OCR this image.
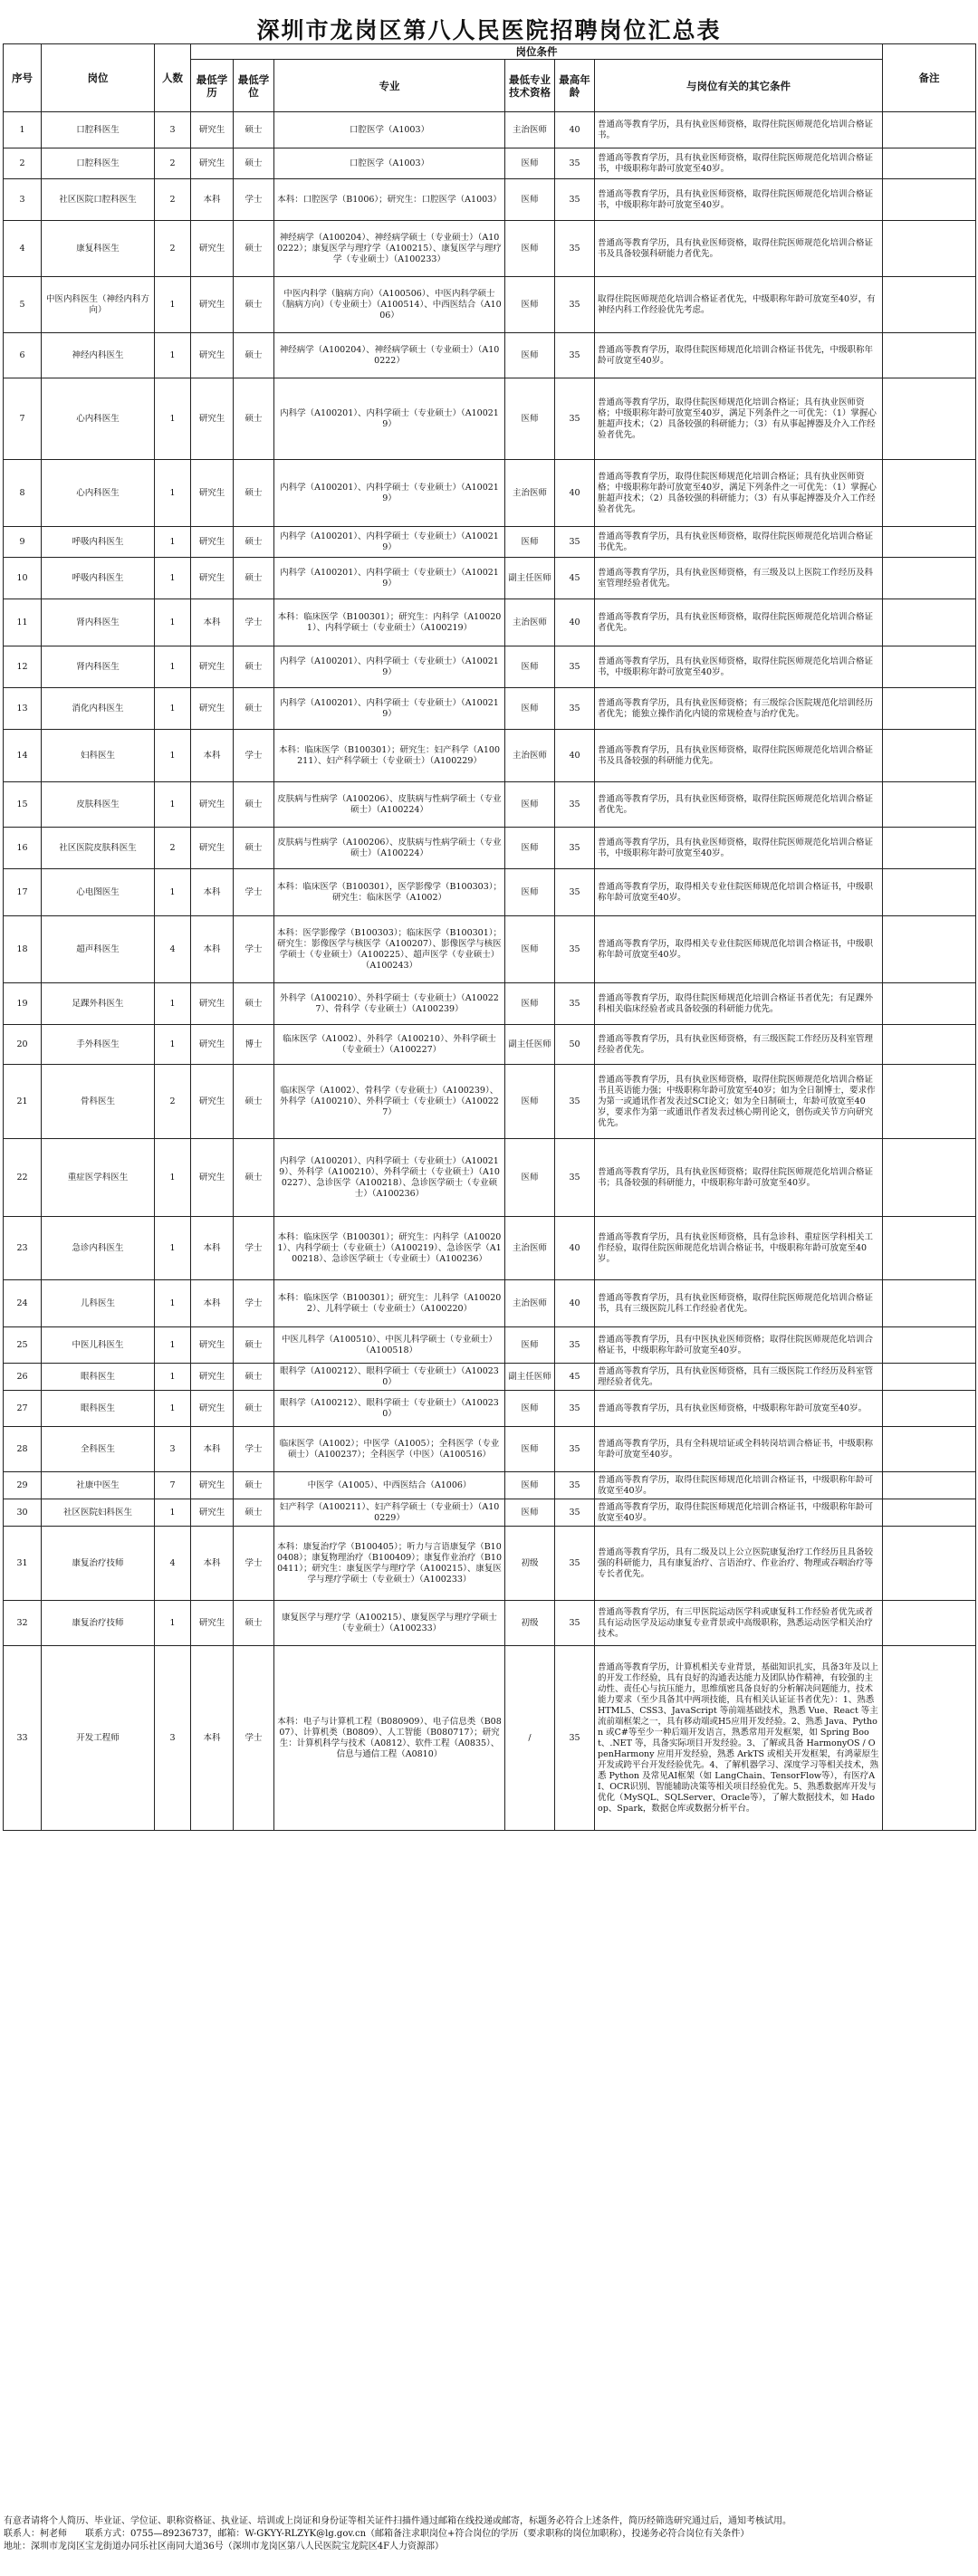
深圳市龙岗区第八人民医院招聘岗位汇总表
序号	岗位	人数	岗位条件						备注
			最低学历	最低学位	专业	最低专业技术资格	最高年龄	与岗位有关的其它条件	

1	口腔科医生	3	研究生	硕士	口腔医学（A1003）	主治医师	40	普通高等教育学历，具有执业医师资格，取得住院医师规范化培训合格证书。	

2	口腔科医生	2	研究生	硕士	口腔医学（A1003）	医师	35	普通高等教育学历，具有执业医师资格，取得住院医师规范化培训合格证书，中级职称年龄可放宽至40岁。	

3	社区医院口腔科医生	2	本科	学士	本科：口腔医学（B1006）；研究生：口腔医学（A1003）	医师	35	普通高等教育学历，具有执业医师资格，取得住院医师规范化培训合格证书，中级职称年龄可放宽至40岁。	

4	康复科医生	2	研究生	硕士	神经病学（A100204）、神经病学硕士（专业硕士）（A100222）；康复医学与理疗学（A100215）、康复医学与理疗学（专业硕士）（A100233）	医师	35	普通高等教育学历，具有执业医师资格，取得住院医师规范化培训合格证书及具备较强科研能力者优先。	

5	中医内科医生（神经内科方向）	1	研究生	硕士	中医内科学（脑病方向）（A100506）、中医内科学硕士（脑病方向）（专业硕士）（A100514）、中西医结合（A1006）	医师	35	取得住院医师规范化培训合格证者优先，中级职称年龄可放宽至40岁，有神经内科工作经验优先考虑。	

6	神经内科医生	1	研究生	硕士	神经病学（A100204）、神经病学硕士（专业硕士）（A100222）	医师	35	普通高等教育学历，取得住院医师规范化培训合格证书优先，中级职称年龄可放宽至40岁。	

7	心内科医生	1	研究生	硕士	内科学（A100201）、内科学硕士（专业硕士）（A100219）	医师	35	普通高等教育学历，取得住院医师规范化培训合格证；具有执业医师资格；中级职称年龄可放宽至40岁，满足下列条件之一可优先：（1）掌握心脏超声技术；（2）具备较强的科研能力；（3）有从事起搏器及介入工作经验者优先。	

8	心内科医生	1	研究生	硕士	内科学（A100201）、内科学硕士（专业硕士）（A100219）	主治医师	40	普通高等教育学历，取得住院医师规范化培训合格证；具有执业医师资格；中级职称年龄可放宽至40岁，满足下列条件之一可优先：（1）掌握心脏超声技术；（2）具备较强的科研能力；（3）有从事起搏器及介入工作经验者优先。	

9	呼吸内科医生	1	研究生	硕士	内科学（A100201）、内科学硕士（专业硕士）（A100219）	医师	35	普通高等教育学历，具有执业医师资格，取得住院医师规范化培训合格证书优先。	

10	呼吸内科医生	1	研究生	硕士	内科学（A100201）、内科学硕士（专业硕士）（A100219）	副主任医师	45	普通高等教育学历，具有执业医师资格，有三级及以上医院工作经历及科室管理经验者优先。	

11	肾内科医生	1	本科	学士	本科：临床医学（B100301）；研究生：内科学（A100201）、内科学硕士（专业硕士）（A100219）	主治医师	40	普通高等教育学历，具有执业医师资格，取得住院医师规范化培训合格证者优先。	

12	肾内科医生	1	研究生	硕士	内科学（A100201）、内科学硕士（专业硕士）（A100219）	医师	35	普通高等教育学历，具有执业医师资格，取得住院医师规范化培训合格证书，中级职称年龄可放宽至40岁。	

13	消化内科医生	1	研究生	硕士	内科学（A100201）、内科学硕士（专业硕士）（A100219）	医师	35	普通高等教育学历，具有执业医师资格；有三级综合医院规范化培训经历者优先；能独立操作消化内镜的常规检查与治疗优先。	

14	妇科医生	1	本科	学士	本科：临床医学（B100301）；研究生：妇产科学（A100211）、妇产科学硕士（专业硕士）（A100229）	主治医师	40	普通高等教育学历，具有执业医师资格，取得住院医师规范化培训合格证书及具备较强的科研能力优先。	

15	皮肤科医生	1	研究生	硕士	皮肤病与性病学（A100206）、皮肤病与性病学硕士（专业硕士）（A100224）	医师	35	普通高等教育学历，具有执业医师资格，取得住院医师规范化培训合格证者优先。	

16	社区医院皮肤科医生	2	研究生	硕士	皮肤病与性病学（A100206）、皮肤病与性病学硕士（专业硕士）（A100224）	医师	35	普通高等教育学历，具有执业医师资格，取得住院医师规范化培训合格证书，中级职称年龄可放宽至40岁。	

17	心电图医生	1	本科	学士	本科：临床医学（B100301），医学影像学（B100303）；研究生：临床医学（A1002）	医师	35	普通高等教育学历，取得相关专业住院医师规范化培训合格证书，中级职称年龄可放宽至40岁。	

18	超声科医生	4	本科	学士	本科：医学影像学（B100303）；临床医学（B100301）；研究生：影像医学与核医学（A100207）、影像医学与核医学硕士（专业硕士）（A100225）、超声医学（专业硕士）（A100243）	医师	35	普通高等教育学历，取得相关专业住院医师规范化培训合格证书，中级职称年龄可放宽至40岁。	

19	足踝外科医生	1	研究生	硕士	外科学（A100210）、外科学硕士（专业硕士）（A100227）、骨科学（专业硕士）（A100239）	医师	35	普通高等教育学历，取得住院医师规范化培训合格证书者优先；有足踝外科相关临床经验者或具备较强的科研能力优先。	

20	手外科医生	1	研究生	博士	临床医学（A1002）、外科学（A100210）、外科学硕士（专业硕士）（A100227）	副主任医师	50	普通高等教育学历，具有执业医师资格，有三级医院工作经历及科室管理经验者优先。	

21	骨科医生	2	研究生	硕士	临床医学（A1002）、骨科学（专业硕士）（A100239）、外科学（A100210）、外科学硕士（专业硕士）（A100227）	医师	35	普通高等教育学历，具有执业医师资格，取得住院医师规范化培训合格证书且英语能力强；中级职称年龄可放宽至40岁；如为全日制博士，要求作为第一或通讯作者发表过SCI论文；如为全日制硕士，年龄可放宽至40岁，要求作为第一或通讯作者发表过核心期刊论文，创伤或关节方向研究优先。	

22	重症医学科医生	1	研究生	硕士	内科学（A100201）、内科学硕士（专业硕士）（A100219）、外科学（A100210）、外科学硕士（专业硕士）（A100227）、急诊医学（A100218）、急诊医学硕士（专业硕士）（A100236）	医师	35	普通高等教育学历，具有执业医师资格；取得住院医师规范化培训合格证书；具备较强的科研能力，中级职称年龄可放宽至40岁。	

23	急诊内科医生	1	本科	学士	本科：临床医学（B100301）；研究生：内科学（A100201）、内科学硕士（专业硕士）（A100219）、急诊医学（A100218）、急诊医学硕士（专业硕士）（A100236）	主治医师	40	普通高等教育学历，具有执业医师资格，具有急诊科、重症医学科相关工作经验，取得住院医师规范化培训合格证书，中级职称年龄可放宽至40岁。	

24	儿科医生	1	本科	学士	本科：临床医学（B100301）；研究生：儿科学（A100202）、儿科学硕士（专业硕士）（A100220）	主治医师	40	普通高等教育学历，具有执业医师资格，取得住院医师规范化培训合格证书，具有三级医院儿科工作经验者优先。	

25	中医儿科医生	1	研究生	硕士	中医儿科学（A100510）、中医儿科学硕士（专业硕士）（A100518）	医师	35	普通高等教育学历，具有中医执业医师资格；取得住院医师规范化培训合格证书，中级职称年龄可放宽至40岁。	

26	眼科医生	1	研究生	硕士	眼科学（A100212）、眼科学硕士（专业硕士）（A100230）	副主任医师	45	普通高等教育学历，具有执业医师资格，具有三级医院工作经历及科室管理经验者优先。	

27	眼科医生	1	研究生	硕士	眼科学（A100212）、眼科学硕士（专业硕士）（A100230）	医师	35	普通高等教育学历，具有执业医师资格，中级职称年龄可放宽至40岁。	

28	全科医生	3	本科	学士	临床医学（A1002）；中医学（A1005）；全科医学（专业硕士）（A100237）；全科医学（中医）（A100516）	医师	35	普通高等教育学历，具有全科规培证或全科转岗培训合格证书，中级职称年龄可放宽至40岁。	

29	社康中医生	7	研究生	硕士	中医学（A1005）、中西医结合（A1006）	医师	35	普通高等教育学历，取得住院医师规范化培训合格证书，中级职称年龄可放宽至40岁。	

30	社区医院妇科医生	1	研究生	硕士	妇产科学（A100211）、妇产科学硕士（专业硕士）（A100229）	医师	35	普通高等教育学历，取得住院医师规范化培训合格证书，中级职称年龄可放宽至40岁。	

31	康复治疗技师	4	本科	学士	本科：康复治疗学（B100405）；听力与言语康复学（B100408）；康复物理治疗（B100409）；康复作业治疗（B100411）；研究生：康复医学与理疗学（A100215）、康复医学与理疗学硕士（专业硕士）（A100233）	初级	35	普通高等教育学历，具有二级及以上公立医院康复治疗工作经历且具备较强的科研能力，具有康复治疗、言语治疗、作业治疗、物理或吞咽治疗等专长者优先。	

32	康复治疗技师	1	研究生	硕士	康复医学与理疗学（A100215）、康复医学与理疗学硕士（专业硕士）（A100233）	初级	35	普通高等教育学历，有三甲医院运动医学科或康复科工作经验者优先或者具有运动医学及运动康复专业背景或中高级职称，熟悉运动医学相关治疗技术。	

33	开发工程师	3	本科	学士	本科：电子与计算机工程（B080909）、电子信息类（B0807）、计算机类（B0809）、人工智能（B080717）；研究生：计算机科学与技术（A0812）、软件工程（A0835）、信息与通信工程（A0810）	/	35	普通高等教育学历，计算机相关专业背景，基础知识扎实，具备3年及以上的开发工作经验，具有良好的沟通表达能力及团队协作精神，有较强的主动性、责任心与抗压能力，思维缜密具备良好的分析解决问题能力，技术能力要求（至少具备其中两项技能，具有相关认证证书者优先）：1、熟悉 HTML5、CSS3、JavaScript 等前端基础技术，熟悉 Vue、React 等主流前端框架之一，具有移动端或H5应用开发经验。2、熟悉 Java、Python 或C#等至少一种后端开发语言，熟悉常用开发框架，如 Spring Boot、.NET 等，具备实际项目开发经验。3、了解或具备 HarmonyOS / OpenHarmony 应用开发经验，熟悉 ArkTS 或相关开发框架，有鸿蒙原生开发或跨平台开发经验优先。4、了解机器学习、深度学习等相关技术，熟悉 Python 及常见AI框架（如 LangChain、TensorFlow等），有医疗AI、OCR识别、智能辅助决策等相关项目经验优先。5、熟悉数据库开发与优化（MySQL、SQLServer、Oracle等），了解大数据技术，如 Hadoop、Spark，数据仓库或数据分析平台。	

有意者请将个人简历、毕业证、学位证、职称资格证、执业证、培训或上岗证和身份证等相关证件扫描件通过邮箱在线投递或邮寄，标题务必符合上述条件，简历经筛选研究通过后，通知考核试用。
联系人：柯老师　　联系方式：0755—89236737，邮箱：W-GKYY-RLZYK@lg.gov.cn（邮箱备注求职岗位+符合岗位的学历（要求职称的岗位加职称），投递务必符合岗位有关条件）
地址：深圳市龙岗区宝龙街道办同乐社区南同大道36号（深圳市龙岗区第八人民医院宝龙院区4F人力资源部）
